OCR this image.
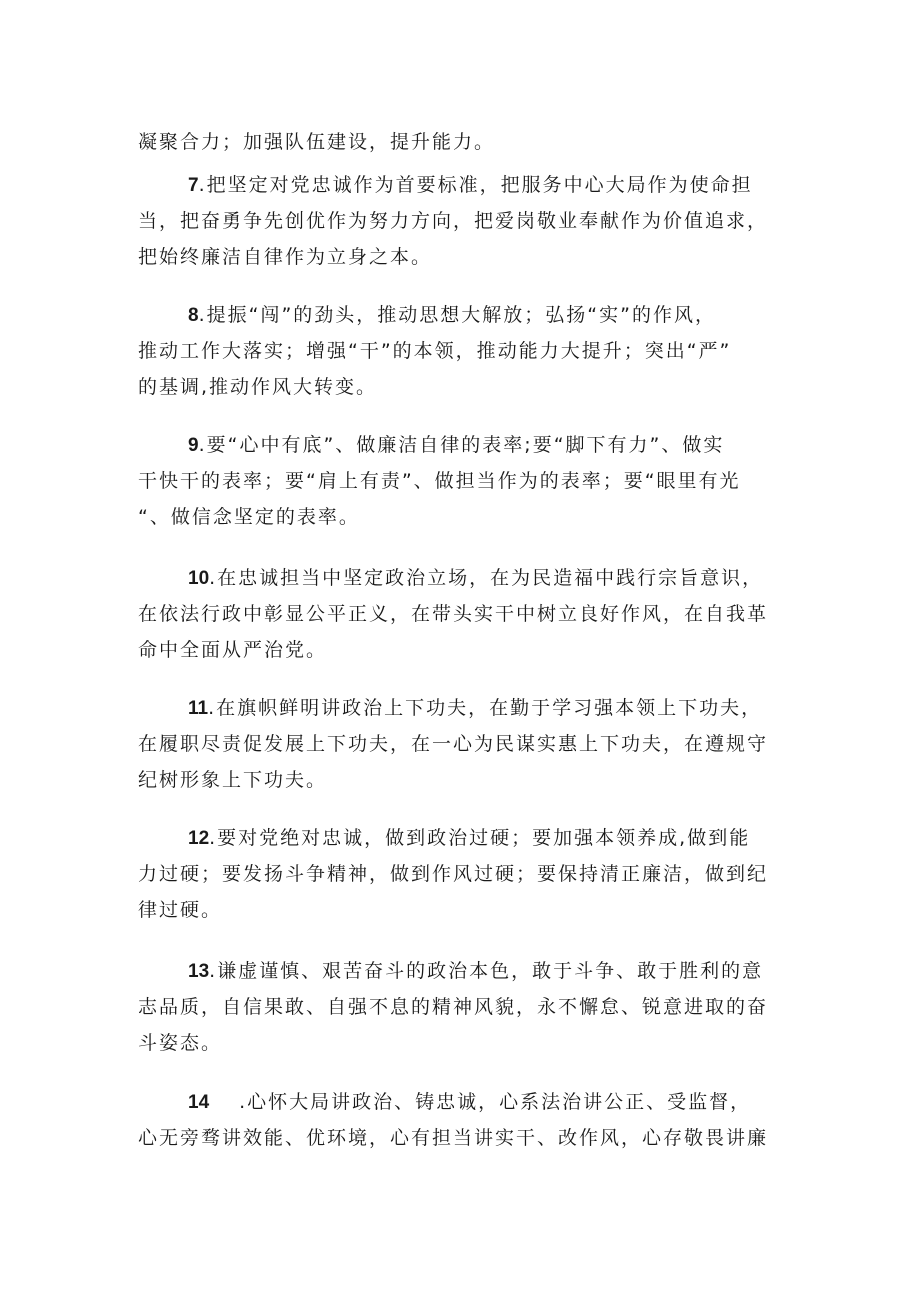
凝聚合力；加强队伍建设，提升能力。
7.把坚定对党忠诚作为首要标准，把服务中心大局作为使命担
当，把奋勇争先创优作为努力方向，把爱岗敬业奉献作为价值追求，
把始终廉洁自律作为立身之本。
8.提振“闯”的劲头，推动思想大解放；弘扬“实”的作风，
推动工作大落实；增强“干”的本领，推动能力大提升；突出“严”
的基调,推动作风大转变。
9.要“心中有底”、做廉洁自律的表率;要“脚下有力”、做实
干快干的表率；要“肩上有责”、做担当作为的表率；要“眼里有光
“、做信念坚定的表率。
10.在忠诚担当中坚定政治立场，在为民造福中践行宗旨意识，
在依法行政中彰显公平正义，在带头实干中树立良好作风，在自我革
命中全面从严治党。
11.在旗帜鲜明讲政治上下功夫，在勤于学习强本领上下功夫，
在履职尽责促发展上下功夫，在一心为民谋实惠上下功夫，在遵规守
纪树形象上下功夫。
12.要对党绝对忠诚，做到政治过硬；要加强本领养成,做到能
力过硬；要发扬斗争精神，做到作风过硬；要保持清正廉洁，做到纪
律过硬。
13.谦虚谨慎、艰苦奋斗的政治本色，敢于斗争、敢于胜利的意
志品质，自信果敢、自强不息的精神风貌，永不懈怠、锐意进取的奋
斗姿态。
14 .心怀大局讲政治、铸忠诚，心系法治讲公正、受监督，
心无旁骛讲效能、优环境，心有担当讲实干、改作风，心存敬畏讲廉
